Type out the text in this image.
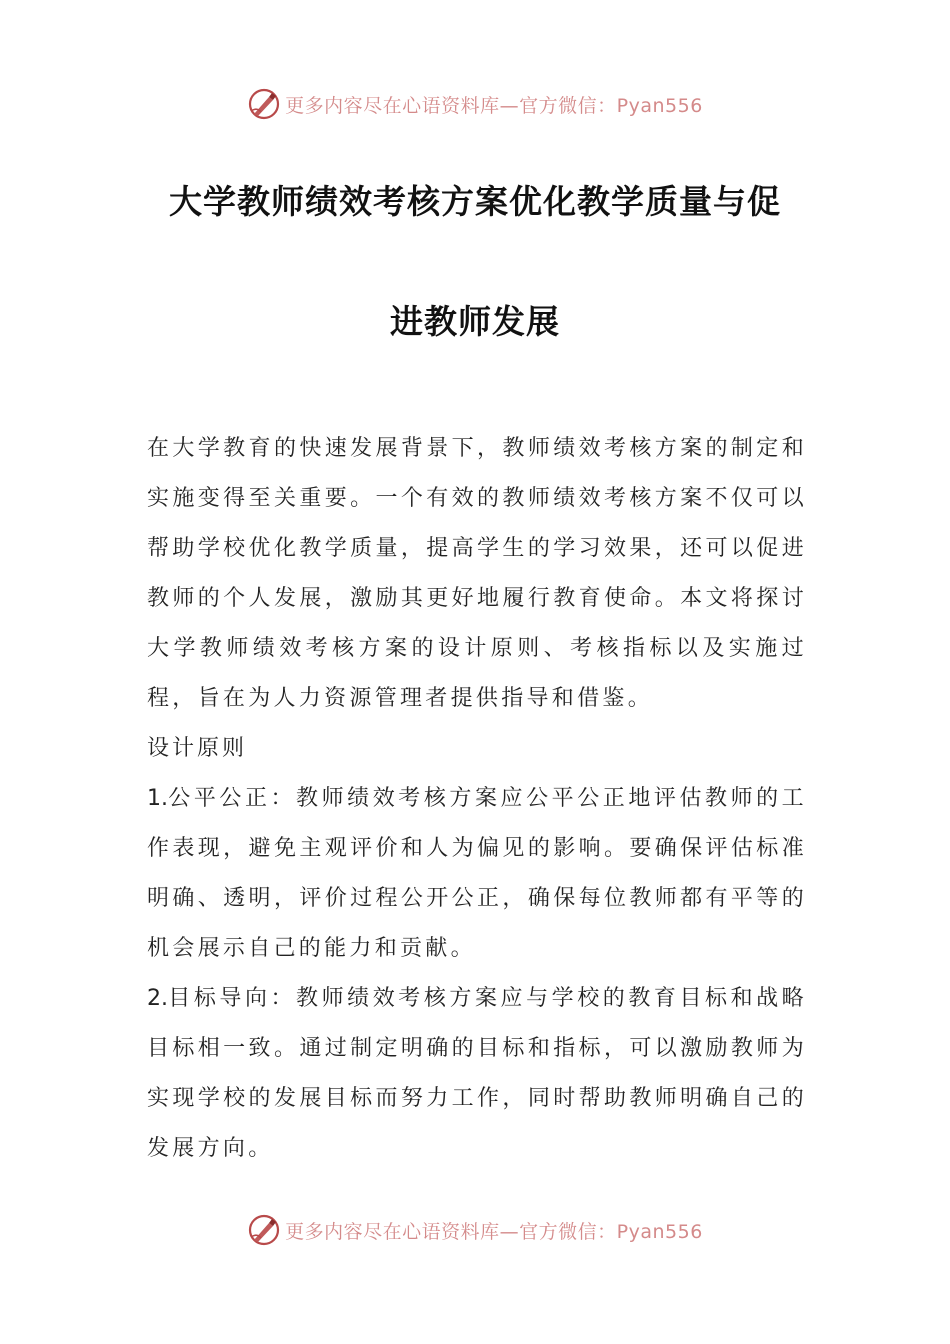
更多内容尽在心语资料库—官方微信：Pyan556
大学教师绩效考核方案优化教学质量与促
进教师发展

在大学教育的快速发展背景下，教师绩效考核方案的制定和实施变得至关重要。一个有效的教师绩效考核方案不仅可以帮助学校优化教学质量，提高学生的学习效果，还可以促进教师的个人发展，激励其更好地履行教育使命。本文将探讨大学教师绩效考核方案的设计原则、考核指标以及实施过程，旨在为人力资源管理者提供指导和借鉴。

设计原则

1.公平公正：教师绩效考核方案应公平公正地评估教师的工作表现，避免主观评价和人为偏见的影响。要确保评估标准明确、透明，评价过程公开公正，确保每位教师都有平等的机会展示自己的能力和贡献。

2.目标导向：教师绩效考核方案应与学校的教育目标和战略目标相一致。通过制定明确的目标和指标，可以激励教师为实现学校的发展目标而努力工作，同时帮助教师明确自己的发展方向。

更多内容尽在心语资料库—官方微信：Pyan556
